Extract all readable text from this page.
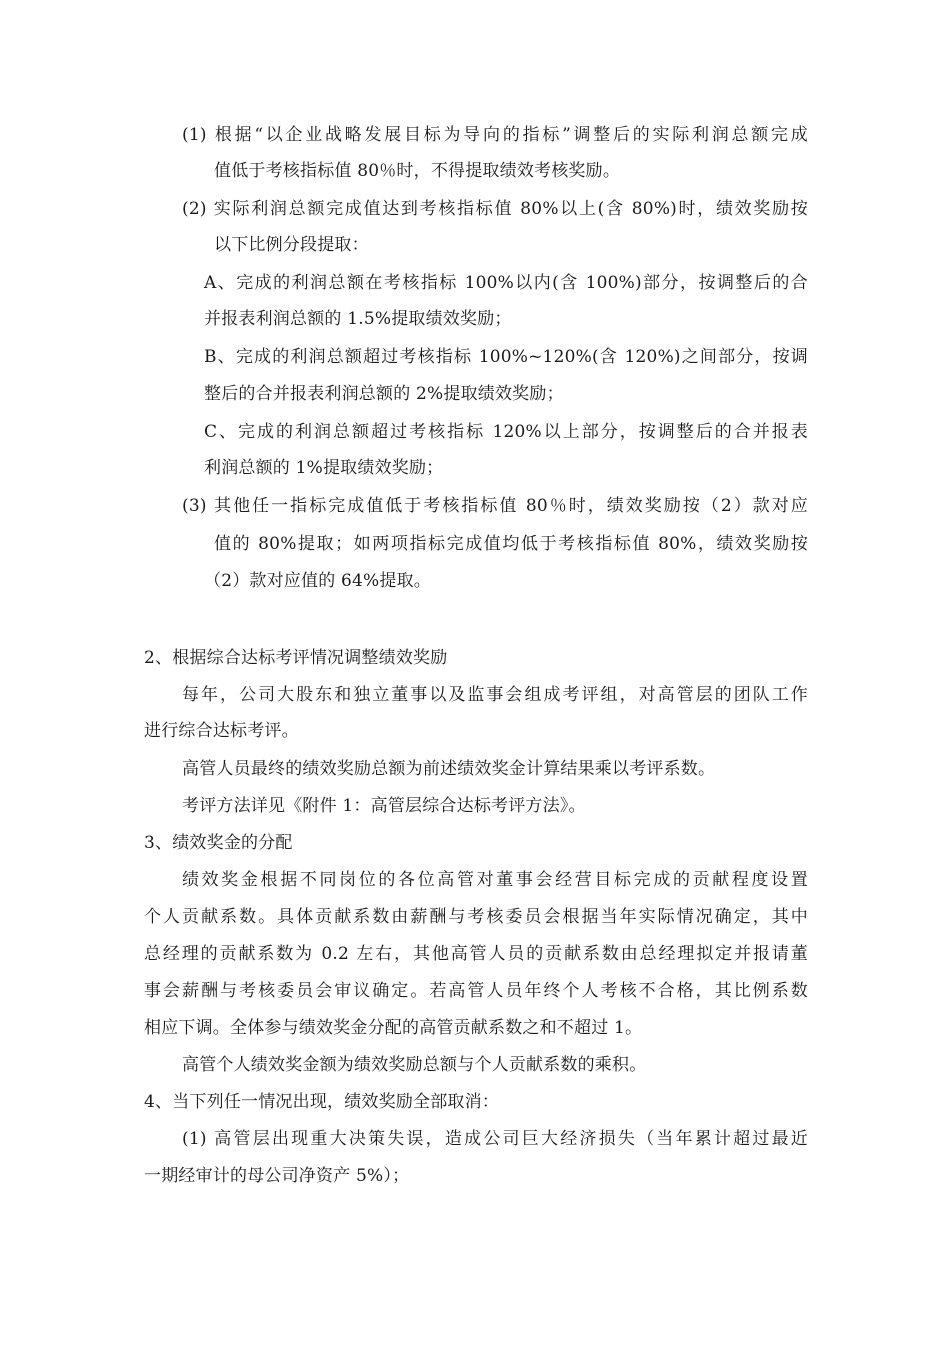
(1) 根据“以企业战略发展目标为导向的指标”调整后的实际利润总额完成
值低于考核指标值 80％时，不得提取绩效考核奖励。
(2) 实际利润总额完成值达到考核指标值 80%以上(含 80%)时，绩效奖励按
以下比例分段提取：
A、完成的利润总额在考核指标 100%以内(含 100%)部分，按调整后的合
并报表利润总额的 1.5%提取绩效奖励；
B、完成的利润总额超过考核指标 100%~120%(含 120%)之间部分，按调
整后的合并报表利润总额的 2%提取绩效奖励；
C、完成的利润总额超过考核指标 120%以上部分，按调整后的合并报表
利润总额的 1%提取绩效奖励；
(3) 其他任一指标完成值低于考核指标值 80％时，绩效奖励按（2）款对应
值的 80%提取；如两项指标完成值均低于考核指标值 80%，绩效奖励按
（2）款对应值的 64%提取。
2、根据综合达标考评情况调整绩效奖励
每年，公司大股东和独立董事以及监事会组成考评组，对高管层的团队工作
进行综合达标考评。
高管人员最终的绩效奖励总额为前述绩效奖金计算结果乘以考评系数。
考评方法详见《附件 1：高管层综合达标考评方法》。
3、绩效奖金的分配
绩效奖金根据不同岗位的各位高管对董事会经营目标完成的贡献程度设置
个人贡献系数。具体贡献系数由薪酬与考核委员会根据当年实际情况确定，其中
总经理的贡献系数为 0.2 左右，其他高管人员的贡献系数由总经理拟定并报请董
事会薪酬与考核委员会审议确定。若高管人员年终个人考核不合格，其比例系数
相应下调。全体参与绩效奖金分配的高管贡献系数之和不超过 1。
高管个人绩效奖金额为绩效奖励总额与个人贡献系数的乘积。
4、当下列任一情况出现，绩效奖励全部取消：
(1) 高管层出现重大决策失误，造成公司巨大经济损失（当年累计超过最近
一期经审计的母公司净资产 5%）；
